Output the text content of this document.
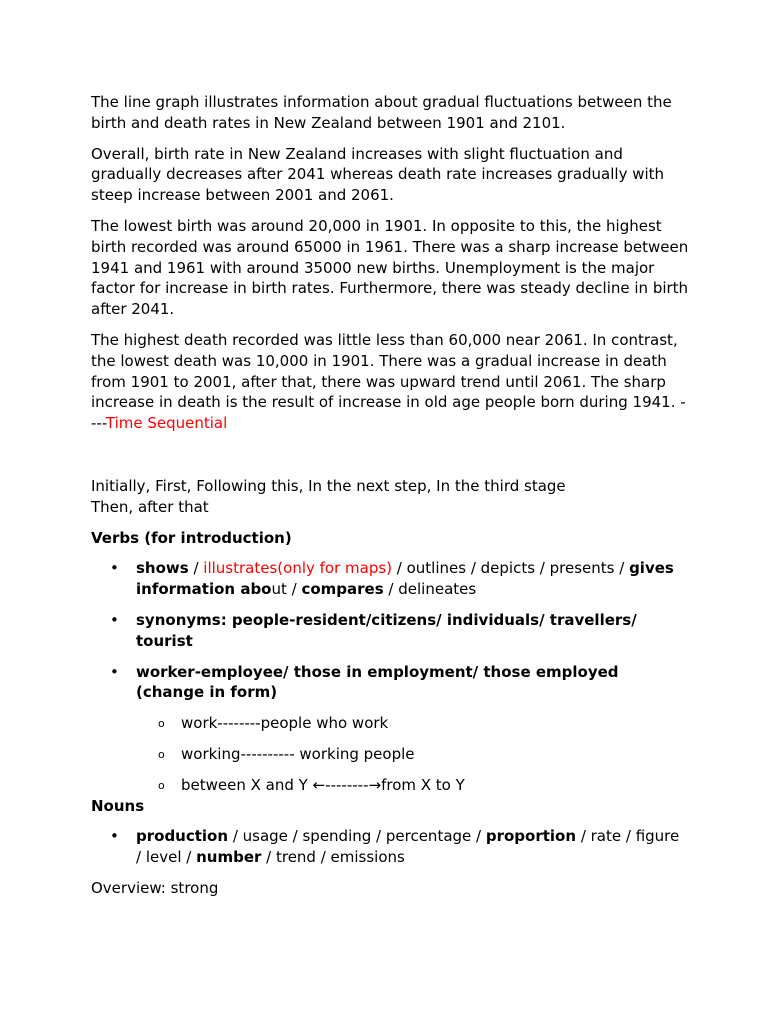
The line graph illustrates information about gradual fluctuations between the birth and death rates in New Zealand between 1901 and 2101.

Overall, birth rate in New Zealand increases with slight fluctuation and gradually decreases after 2041 whereas death rate increases gradually with steep increase between 2001 and 2061.

The lowest birth was around 20,000 in 1901. In opposite to this, the highest birth recorded was around 65000 in 1961. There was a sharp increase between 1941 and 1961 with around 35000 new births. Unemployment is the major factor for increase in birth rates. Furthermore, there was steady decline in birth after 2041.

The highest death recorded was little less than 60,000 near 2061. In contrast, the lowest death was 10,000 in 1901. There was a gradual increase in death from 1901 to 2001, after that, there was upward trend until 2061. The sharp increase in death is the result of increase in old age people born during 1941. ----Time Sequential

Initially, First, Following this, In the next step, In the third stage

Then, after that

Verbs (for introduction)

• shows / illustrates(only for maps) / outlines / depicts / presents / gives information about / compares / delineates
• synonyms: people-resident/citizens/ individuals/ travellers/ tourist
• worker-employee/ those in employment/ those employed (change in form)
o work--------people who work
o working---------- working people
o between X and Y ←--------→from X to Y

Nouns

• production / usage / spending / percentage / proportion / rate / figure / level / number / trend / emissions

Overview: strong
